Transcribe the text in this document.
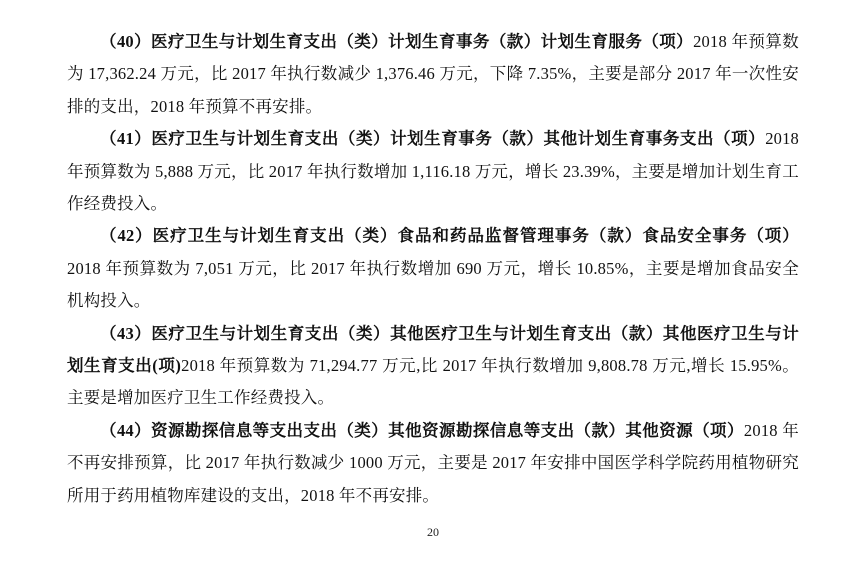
（40）医疗卫生与计划生育支出（类）计划生育事务（款）计划生育服务（项）2018 年预算数为 17,362.24 万元，比 2017 年执行数减少 1,376.46 万元，下降 7.35%，主要是部分 2017 年一次性安排的支出，2018 年预算不再安排。

（41）医疗卫生与计划生育支出（类）计划生育事务（款）其他计划生育事务支出（项）2018 年预算数为 5,888 万元，比 2017 年执行数增加 1,116.18 万元，增长 23.39%，主要是增加计划生育工作经费投入。

（42）医疗卫生与计划生育支出（类）食品和药品监督管理事务（款）食品安全事务（项）2018 年预算数为 7,051 万元，比 2017 年执行数增加 690 万元，增长 10.85%，主要是增加食品安全机构投入。

（43）医疗卫生与计划生育支出（类）其他医疗卫生与计划生育支出（款）其他医疗卫生与计划生育支出(项)2018 年预算数为 71,294.77 万元,比 2017 年执行数增加 9,808.78 万元,增长 15.95%。主要是增加医疗卫生工作经费投入。

（44）资源勘探信息等支出支出（类）其他资源勘探信息等支出（款）其他资源（项）2018 年不再安排预算，比 2017 年执行数减少 1000 万元，主要是 2017 年安排中国医学科学院药用植物研究所用于药用植物库建设的支出，2018 年不再安排。

20
